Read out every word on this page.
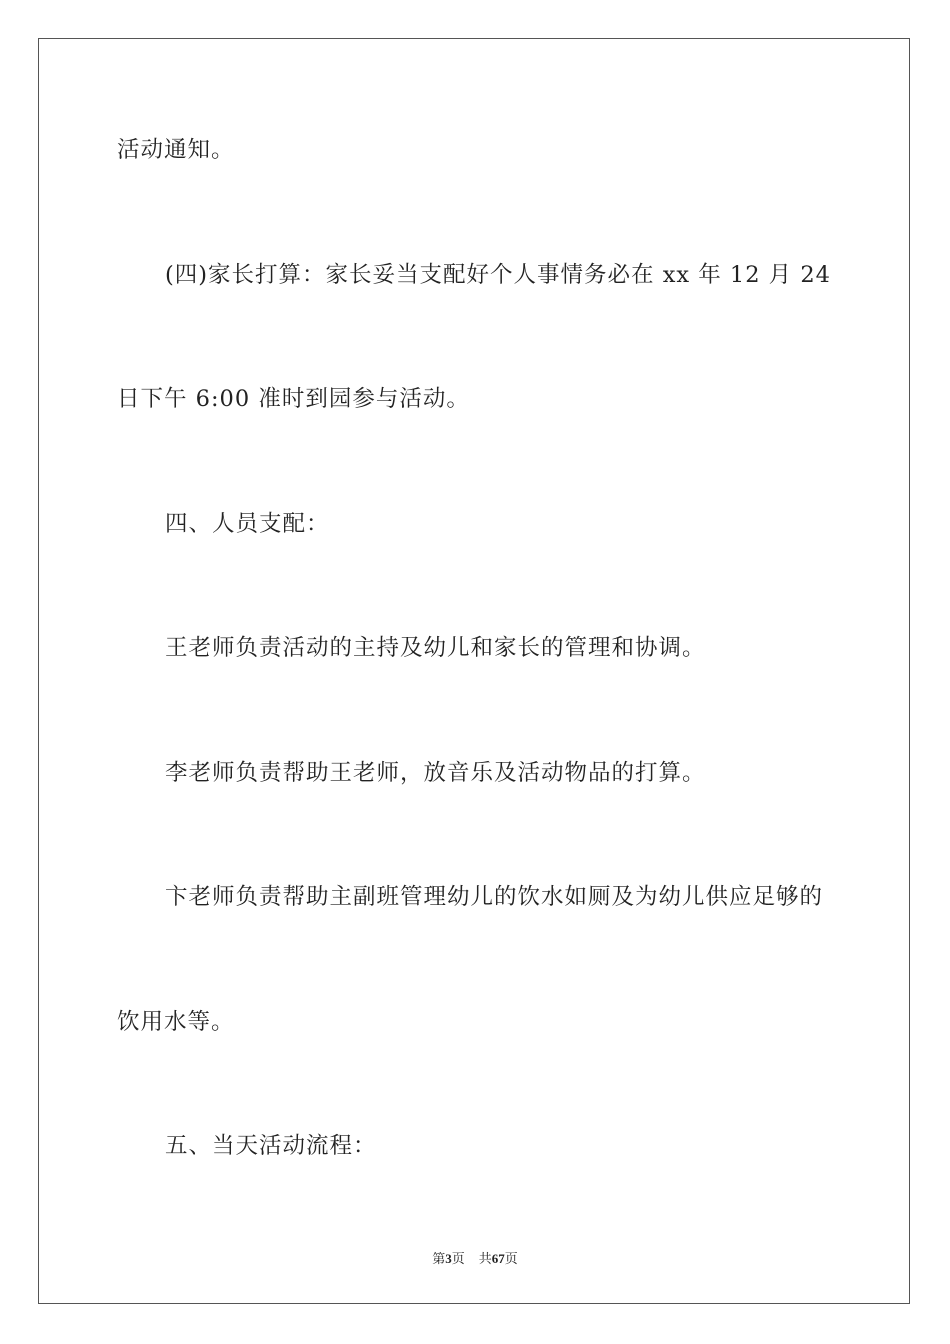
活动通知。

(四)家长打算：家长妥当支配好个人事情务必在 xx 年 12 月 24

日下午 6:00 准时到园参与活动。

四、人员支配：

王老师负责活动的主持及幼儿和家长的管理和协调。

李老师负责帮助王老师，放音乐及活动物品的打算。

卞老师负责帮助主副班管理幼儿的饮水如厕及为幼儿供应足够的

饮用水等。

五、当天活动流程：

第3页 共67页
